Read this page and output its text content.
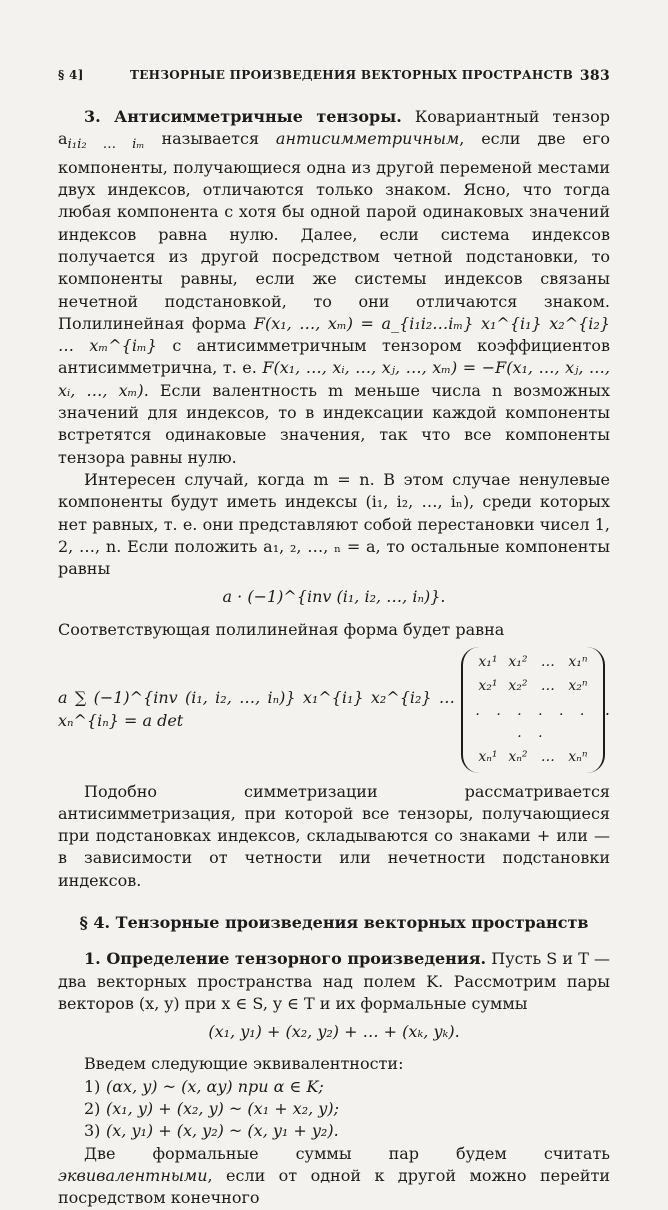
§ 4]	ТЕНЗОРНЫЕ ПРОИЗВЕДЕНИЯ ВЕКТОРНЫХ ПРОСТРАНСТВ 383

3. Антисимметричные тензоры. Ковариантный тензор $a_{i_1i_2 \dots i_m}$ называется антисимметричным, если две его компоненты, получающиеся одна из другой переменой местами двух индексов, отличаются только знаком. Ясно, что тогда любая компонента с хотя бы одной парой одинаковых значений индексов равна нулю. Далее, если система индексов получается из другой посредством четной подстановки, то компоненты равны, если же системы индексов связаны нечетной подстановкой, то они отличаются знаком. Полилинейная форма F(x₁, …, xₘ) = a_{i₁i₂…iₘ} x₁^{i₁} x₂^{i₂} … xₘ^{iₘ} с антисимметричным тензором коэффициентов антисимметрична, т. е. F(x₁, …, xᵢ, …, xⱼ, …, xₘ) = −F(x₁, …, xⱼ, …, xᵢ, …, xₘ). Если валентность m меньше числа n возможных значений для индексов, то в индексации каждой компоненты встретятся одинаковые значения, так что все компоненты тензора равны нулю.

Интересен случай, когда m = n. В этом случае ненулевые компоненты будут иметь индексы (i₁, i₂, …, iₙ), среди которых нет равных, т. е. они представляют собой перестановки чисел 1, 2, …, n. Если положить a₁, ₂, …, ₙ = a, то остальные компоненты равны

a · (−1)^{inv (i₁, i₂, …, iₙ)}.

Соответствующая полилинейная форма будет равна

a ∑ (−1)^{inv (i₁, i₂, …, iₙ)} x₁^{i₁} x₂^{i₂} … xₙ^{iₙ} = a det
x₁¹ x₁² … x₁ⁿ
x₂¹ x₂² … x₂ⁿ
. . . . . . . .
xₙ¹ xₙ² … xₙⁿ
.

Подобно симметризации рассматривается антисимметризация, при которой все тензоры, получающиеся при подстановках индексов, складываются со знаками + или — в зависимости от четности или нечетности подстановки индексов.

§ 4. Тензорные произведения векторных пространств

1. Определение тензорного произведения. Пусть S и T — два векторных пространства над полем K. Рассмотрим пары векторов (x, y) при x ∈ S, y ∈ T и их формальные суммы

(x₁, y₁) + (x₂, y₂) + … + (xₖ, yₖ).

Введем следующие эквивалентности:

1) (αx, y) ~ (x, αy) при α ∈ K;
2) (x₁, y) + (x₂, y) ~ (x₁ + x₂, y);
3) (x, y₁) + (x, y₂) ~ (x, y₁ + y₂).

Две формальные суммы пар будем считать эквивалентными, если от одной к другой можно перейти посредством конечного
